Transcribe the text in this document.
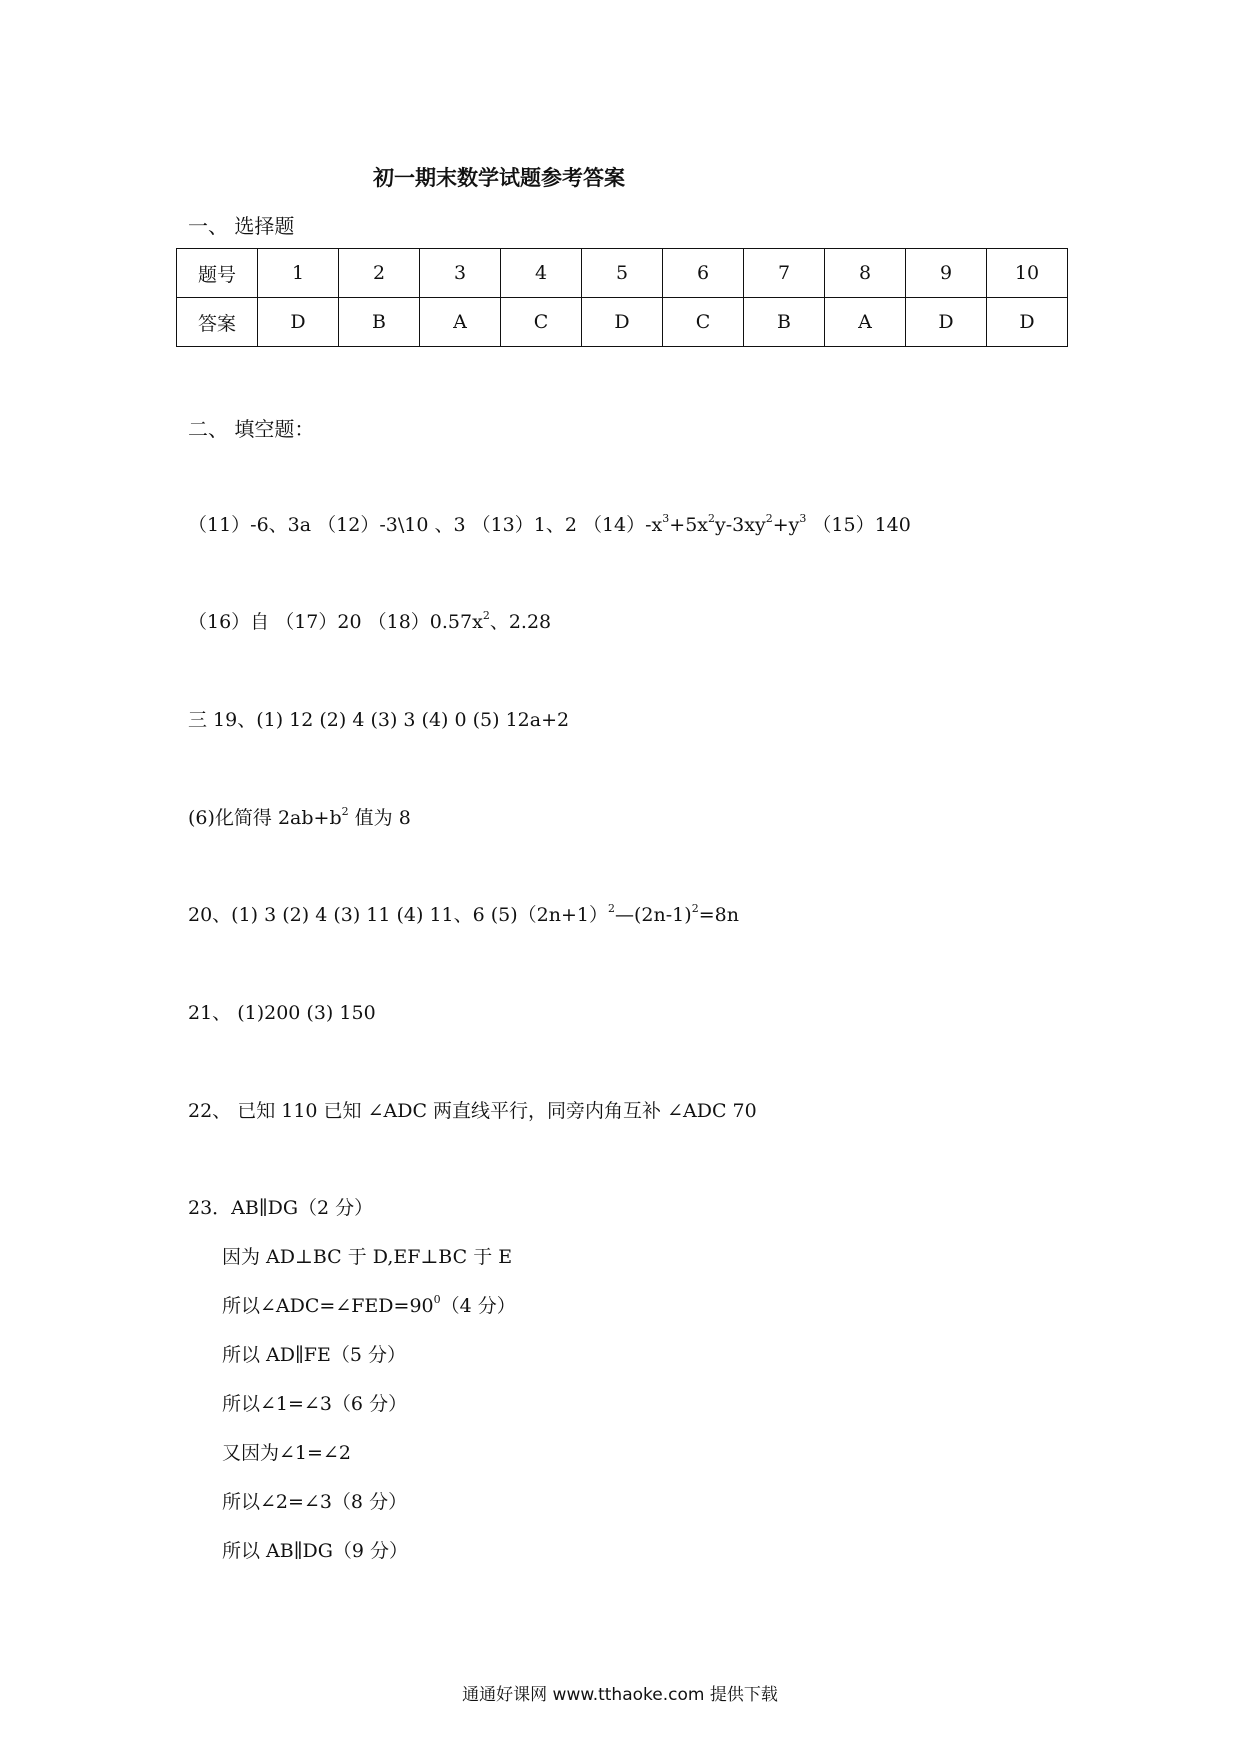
初一期末数学试题参考答案
一、 选择题
题号	1	2	3	4	5	6	7	8	9	10
答案	D	B	A	C	D	C	B	A	D	D
二、 填空题：
（11）-6、3a （12）-3\10 、3 （13）1、2 $(14)-x^3+5x^2y-3xy^2+y^3$ （15）140
（16）自 （17）20 $(18)0.57x^2$、2.28
三 19、(1) 12 (2) 4 (3) 3 (4) 0 (5) 12a+2
(6)化简得 $2ab+b^2$ 值为 8
20、(1) 3 (2) 4 (3) 11 (4) 11、6 $(5)(2n+1)^2—(2n-1)^2=8n$
21、 (1)200 (3) 150
22、 已知 110 已知 ∠ADC 两直线平行，同旁内角互补 ∠ADC 70
23．AB∥DG（2 分）
因为 AD⊥BC 于 D,EF⊥BC 于 E
所以$\angle ADC=\angle FED=90^0(4$ 分）
所以 AD∥FE（5 分）
所以∠1=∠3（6 分）
又因为∠1=∠2
所以∠2=∠3（8 分）
所以 AB∥DG（9 分）
通通好课网 www.tthaoke.com 提供下载
